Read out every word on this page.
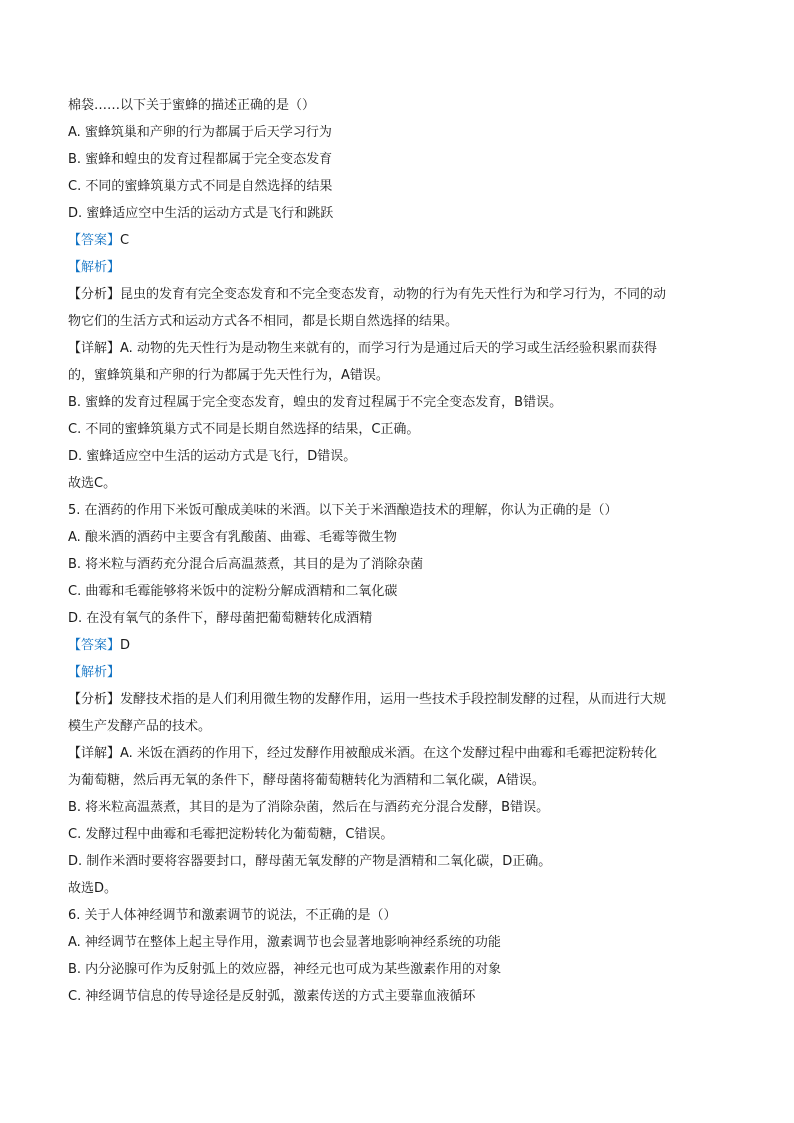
棉袋……以下关于蜜蜂的描述正确的是（）
A. 蜜蜂筑巢和产卵的行为都属于后天学习行为
B. 蜜蜂和蝗虫的发育过程都属于完全变态发育
C. 不同的蜜蜂筑巢方式不同是自然选择的结果
D. 蜜蜂适应空中生活的运动方式是飞行和跳跃
【答案】C
【解析】
【分析】昆虫的发育有完全变态发育和不完全变态发育，动物的行为有先天性行为和学习行为，不同的动
物它们的生活方式和运动方式各不相同，都是长期自然选择的结果。
【详解】A. 动物的先天性行为是动物生来就有的，而学习行为是通过后天的学习或生活经验积累而获得
的，蜜蜂筑巢和产卵的行为都属于先天性行为，A错误。
B. 蜜蜂的发育过程属于完全变态发育，蝗虫的发育过程属于不完全变态发育，B错误。
C. 不同的蜜蜂筑巢方式不同是长期自然选择的结果，C正确。
D. 蜜蜂适应空中生活的运动方式是飞行，D错误。
故选C。
5. 在酒药的作用下米饭可酿成美味的米酒。以下关于米酒酿造技术的理解，你认为正确的是（）
A. 酿米酒的酒药中主要含有乳酸菌、曲霉、毛霉等微生物
B. 将米粒与酒药充分混合后高温蒸煮，其目的是为了消除杂菌
C. 曲霉和毛霉能够将米饭中的淀粉分解成酒精和二氧化碳
D. 在没有氧气的条件下，酵母菌把葡萄糖转化成酒精
【答案】D
【解析】
【分析】发酵技术指的是人们利用微生物的发酵作用，运用一些技术手段控制发酵的过程，从而进行大规
模生产发酵产品的技术。
【详解】A. 米饭在酒药的作用下，经过发酵作用被酿成米酒。在这个发酵过程中曲霉和毛霉把淀粉转化
为葡萄糖，然后再无氧的条件下，酵母菌将葡萄糖转化为酒精和二氧化碳，A错误。
B. 将米粒高温蒸煮，其目的是为了消除杂菌，然后在与酒药充分混合发酵，B错误。
C. 发酵过程中曲霉和毛霉把淀粉转化为葡萄糖，C错误。
D. 制作米酒时要将容器要封口，酵母菌无氧发酵的产物是酒精和二氧化碳，D正确。
故选D。
6. 关于人体神经调节和激素调节的说法，不正确的是（）
A. 神经调节在整体上起主导作用，激素调节也会显著地影响神经系统的功能
B. 内分泌腺可作为反射弧上的效应器，神经元也可成为某些激素作用的对象
C. 神经调节信息的传导途径是反射弧，激素传送的方式主要靠血液循环
